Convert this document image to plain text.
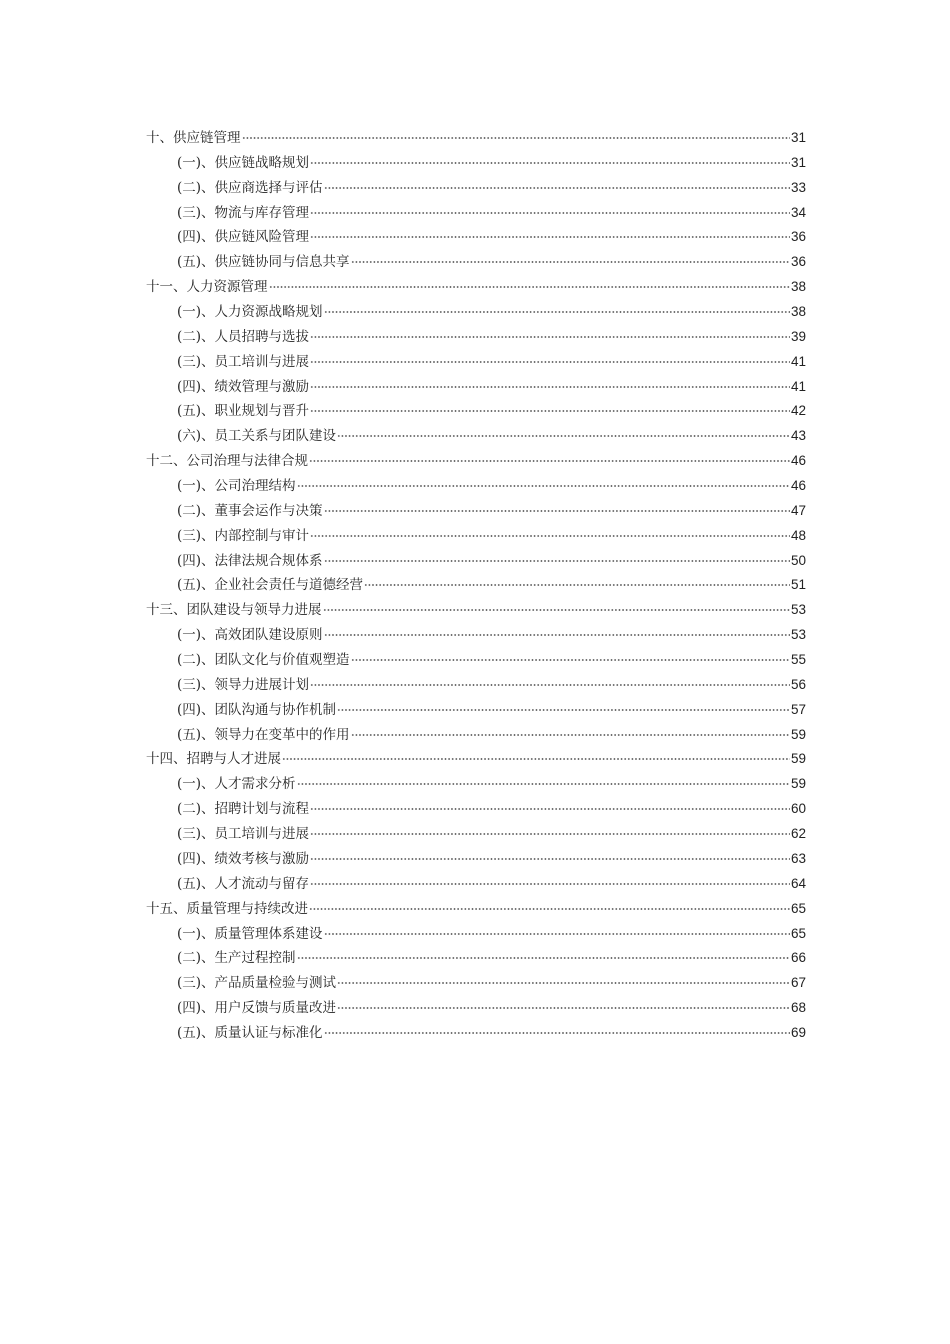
十、供应链管理	31
(一)、供应链战略规划	31
(二)、供应商选择与评估	33
(三)、物流与库存管理	34
(四)、供应链风险管理	36
(五)、供应链协同与信息共享	36
十一、人力资源管理	38
(一)、人力资源战略规划	38
(二)、人员招聘与选拔	39
(三)、员工培训与进展	41
(四)、绩效管理与激励	41
(五)、职业规划与晋升	42
(六)、员工关系与团队建设	43
十二、公司治理与法律合规	46
(一)、公司治理结构	46
(二)、董事会运作与决策	47
(三)、内部控制与审计	48
(四)、法律法规合规体系	50
(五)、企业社会责任与道德经营	51
十三、团队建设与领导力进展	53
(一)、高效团队建设原则	53
(二)、团队文化与价值观塑造	55
(三)、领导力进展计划	56
(四)、团队沟通与协作机制	57
(五)、领导力在变革中的作用	59
十四、招聘与人才进展	59
(一)、人才需求分析	59
(二)、招聘计划与流程	60
(三)、员工培训与进展	62
(四)、绩效考核与激励	63
(五)、人才流动与留存	64
十五、质量管理与持续改进	65
(一)、质量管理体系建设	65
(二)、生产过程控制	66
(三)、产品质量检验与测试	67
(四)、用户反馈与质量改进	68
(五)、质量认证与标准化	69
